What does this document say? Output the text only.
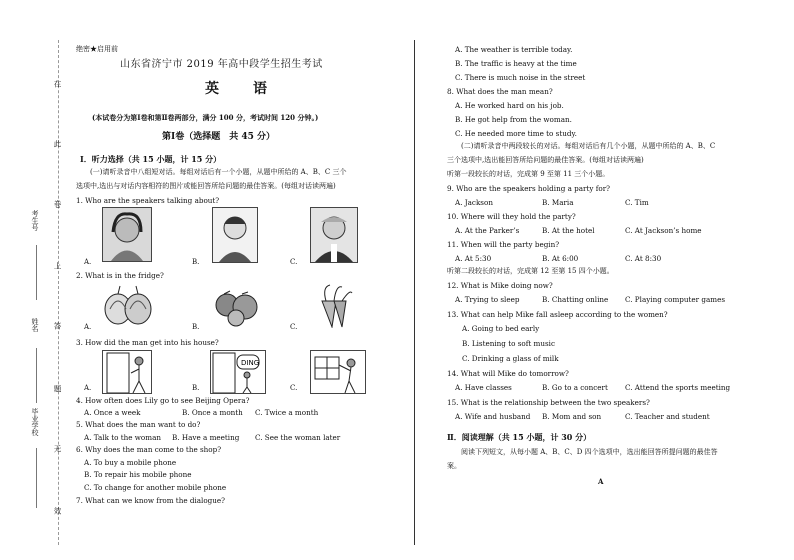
在
此
卷
上
答
题
无
效
考生号
姓名
毕业学校
绝密★启用前
山东省济宁市 2019 年高中段学生招生考试
英　语
(本试卷分为第Ⅰ卷和第Ⅱ卷两部分，满分 100 分，考试时间 120 分钟。)
第Ⅰ卷（选择题　共 45 分）
Ⅰ．听力选择（共 15 小题，计 15 分）
(一)请听录音中八组短对话。每组对话后有一个小题，从题中所给的 A、B、C 三个
选项中,选出与对话内容相符的图片或能回答所给问题的最佳答案。(每组对话读两遍)
1. Who are the speakers talking about?
A.	B.	C.
2. What is in the fridge?
A.	B.	C.
3. How did the man get into his house?
A.
DING
B.	C.
4. How often does Lily go to see Beijing Opera?
A. Once a week	B. Once a month C. Twice a month
5. What does the man want to do?
A. Talk to the woman B. Have a meeting C. See the woman later
6. Why does the man come to the shop?
A. To buy a mobile phone
B. To repair his mobile phone
C. To change for another mobile phone
7. What can we know from the dialogue?
A. The weather is terrible today.
B. The traffic is heavy at the time
C. There is much noise in the street
8. What does the man mean?
A. He worked hard on his job.
B. He got help from the woman.
C. He needed more time to study.
(二)请听录音中两段较长的对话。每组对话后有几个小题，从题中所给的 A、B、C
三个选项中,选出能回答所给问题的最佳答案。(每组对话读两遍)
听第一段较长的对话，完成第 9 至第 11 三个小题。
9. Who are the speakers holding a party for?
A. Jackson	B. Maria	C. Tim
10. Where will they hold the party?
A. At the Parker’s	B. At the hotel	C. At Jackson’s home
11. When will the party begin?
A. At 5:30	B. At 6:00	C. At 8:30
听第二段较长的对话，完成第 12 至第 15 四个小题。
12. What is Mike doing now?
A. Trying to sleep	B. Chatting online C. Playing computer games
13. What can help Mike fall asleep according to the women?
A. Going to bed early
B. Listening to soft music
C. Drinking a glass of milk
14. What will Mike do tomorrow?
A. Have classes	B. Go to a concert C. Attend the sports meeting
15. What is the relationship between the two speakers?
A. Wife and husband B. Mom and son	C. Teacher and student
Ⅱ．阅读理解（共 15 小题，计 30 分）
阅读下列短文，从每小题 A、B、C、D 四个选项中，选出能回答所提问题的最佳答
案。
A
